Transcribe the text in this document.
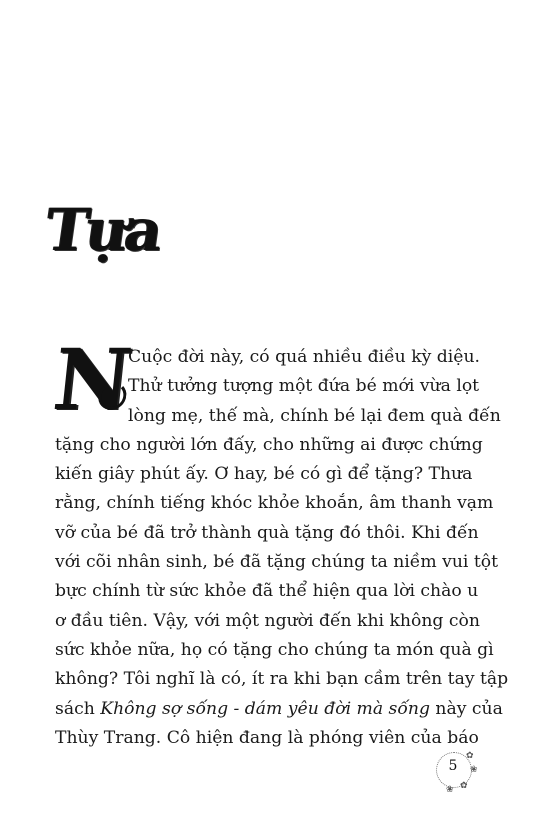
Tựa
N
Cuộc đời này, có quá nhiều điều kỳ diệu.
Thử tưởng tượng một đứa bé mới vừa lọt
lòng mẹ, thế mà, chính bé lại đem quà đến
tặng cho người lớn đấy, cho những ai được chứng
kiến giây phút ấy. Ơ hay, bé có gì để tặng? Thưa
rằng, chính tiếng khóc khỏe khoắn, âm thanh vạm
vỡ của bé đã trở thành quà tặng đó thôi. Khi đến
với cõi nhân sinh, bé đã tặng chúng ta niềm vui tột
bực chính từ sức khỏe đã thể hiện qua lời chào u
ơ đầu tiên. Vậy, với một người đến khi không còn
sức khỏe nữa, họ có tặng cho chúng ta món quà gì
không? Tôi nghĩ là có, ít ra khi bạn cầm trên tay tập
sách Không sợ sống - dám yêu đời mà sống này của
Thùy Trang. Cô hiện đang là phóng viên của báo
✿
❀
✿
❀
5
